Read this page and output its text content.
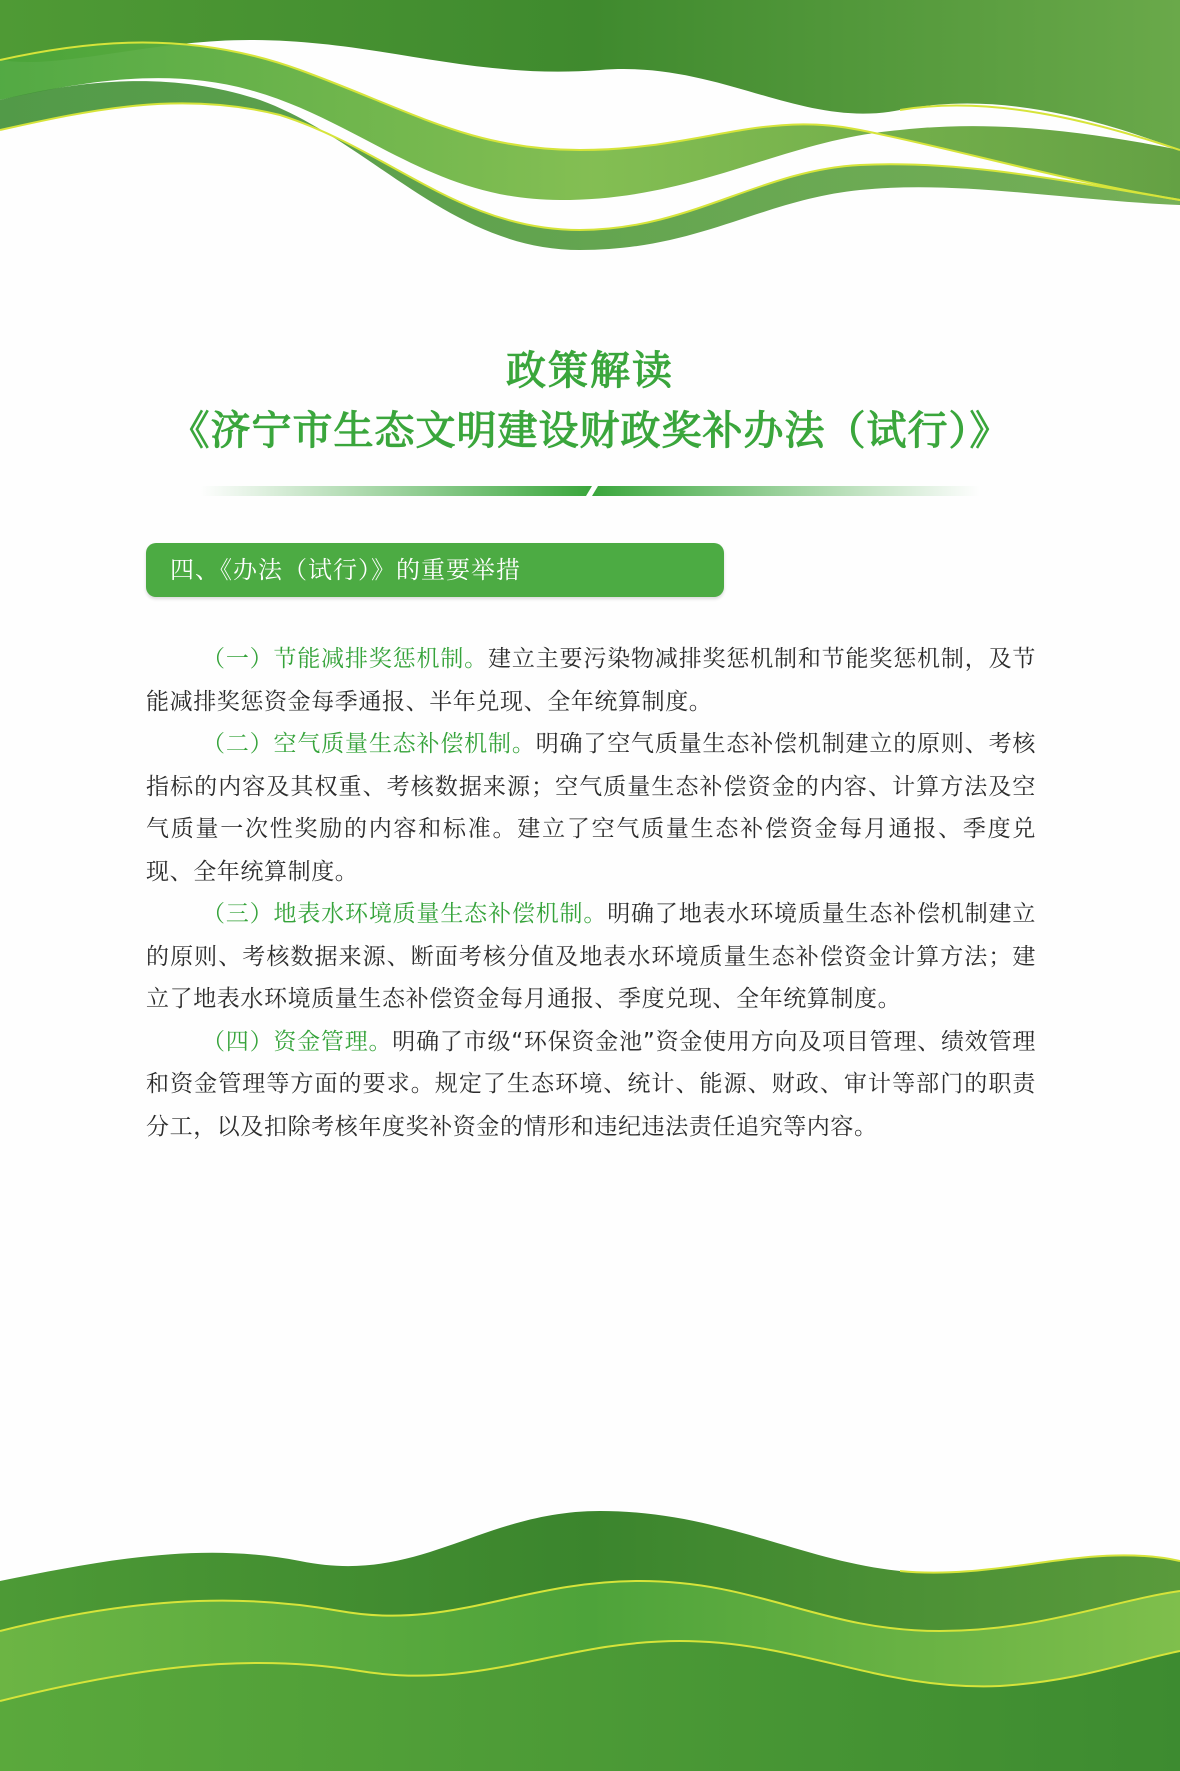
政策解读
《济宁市生态文明建设财政奖补办法（试行）》
四、《办法（试行）》的重要举措

（一）节能减排奖惩机制。建立主要污染物减排奖惩机制和节能奖惩机制，及节能减排奖惩资金每季通报、半年兑现、全年统算制度。

（二）空气质量生态补偿机制。明确了空气质量生态补偿机制建立的原则、考核指标的内容及其权重、考核数据来源；空气质量生态补偿资金的内容、计算方法及空气质量一次性奖励的内容和标准。建立了空气质量生态补偿资金每月通报、季度兑现、全年统算制度。

（三）地表水环境质量生态补偿机制。明确了地表水环境质量生态补偿机制建立的原则、考核数据来源、断面考核分值及地表水环境质量生态补偿资金计算方法；建立了地表水环境质量生态补偿资金每月通报、季度兑现、全年统算制度。

（四）资金管理。明确了市级“环保资金池”资金使用方向及项目管理、绩效管理和资金管理等方面的要求。规定了生态环境、统计、能源、财政、审计等部门的职责分工，以及扣除考核年度奖补资金的情形和违纪违法责任追究等内容。
